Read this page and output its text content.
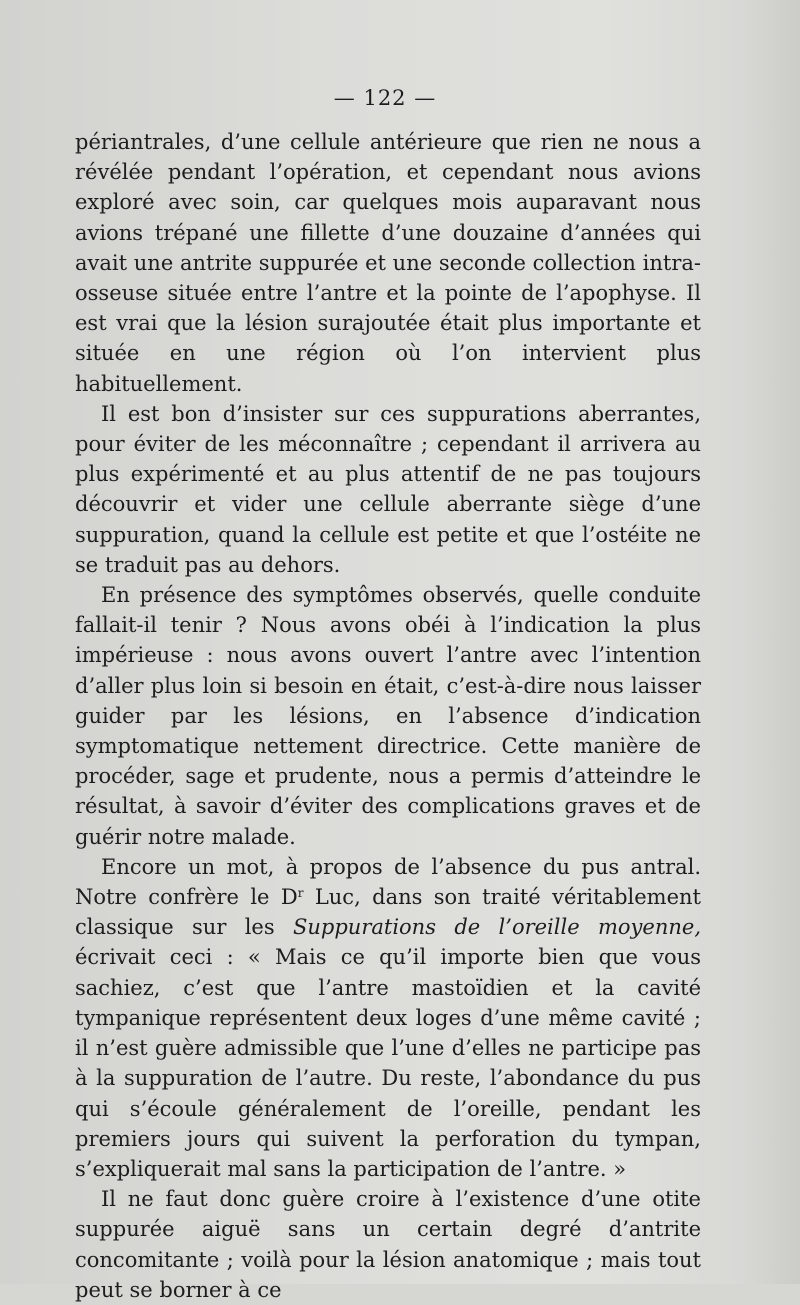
— 122 —

périantrales, d’une cellule antérieure que rien ne nous a révélée pendant l’opération, et cependant nous avions exploré avec soin, car quelques mois auparavant nous avions trépané une fillette d’une douzaine d’années qui avait une antrite suppurée et une seconde collection intra-osseuse située entre l’antre et la pointe de l’apophyse. Il est vrai que la lésion surajoutée était plus importante et située en une région où l’on intervient plus habituellement.

Il est bon d’insister sur ces suppurations aberrantes, pour éviter de les méconnaître ; cependant il arrivera au plus expérimenté et au plus attentif de ne pas toujours découvrir et vider une cellule aberrante siège d’une suppuration, quand la cellule est petite et que l’ostéite ne se traduit pas au dehors.

En présence des symptômes observés, quelle conduite fallait-il tenir ? Nous avons obéi à l’indication la plus impérieuse : nous avons ouvert l’antre avec l’intention d’aller plus loin si besoin en était, c’est-à-dire nous laisser guider par les lésions, en l’absence d’indication symptomatique nettement directrice. Cette manière de procéder, sage et prudente, nous a permis d’atteindre le résultat, à savoir d’éviter des complications graves et de guérir notre malade.

Encore un mot, à propos de l’absence du pus antral. Notre confrère le $D^r$ Luc, dans son traité véritablement classique sur les Suppurations de l’oreille moyenne, écrivait ceci : « Mais ce qu’il importe bien que vous sachiez, c’est que l’antre mastoïdien et la cavité tympanique représentent deux loges d’une même cavité ; il n’est guère admissible que l’une d’elles ne participe pas à la suppuration de l’autre. Du reste, l’abondance du pus qui s’écoule généralement de l’oreille, pendant les premiers jours qui suivent la perforation du tympan, s’expliquerait mal sans la participation de l’antre. »

Il ne faut donc guère croire à l’existence d’une otite suppurée aiguë sans un certain degré d’antrite concomitante ; voilà pour la lésion anatomique ; mais tout peut se borner à ce
